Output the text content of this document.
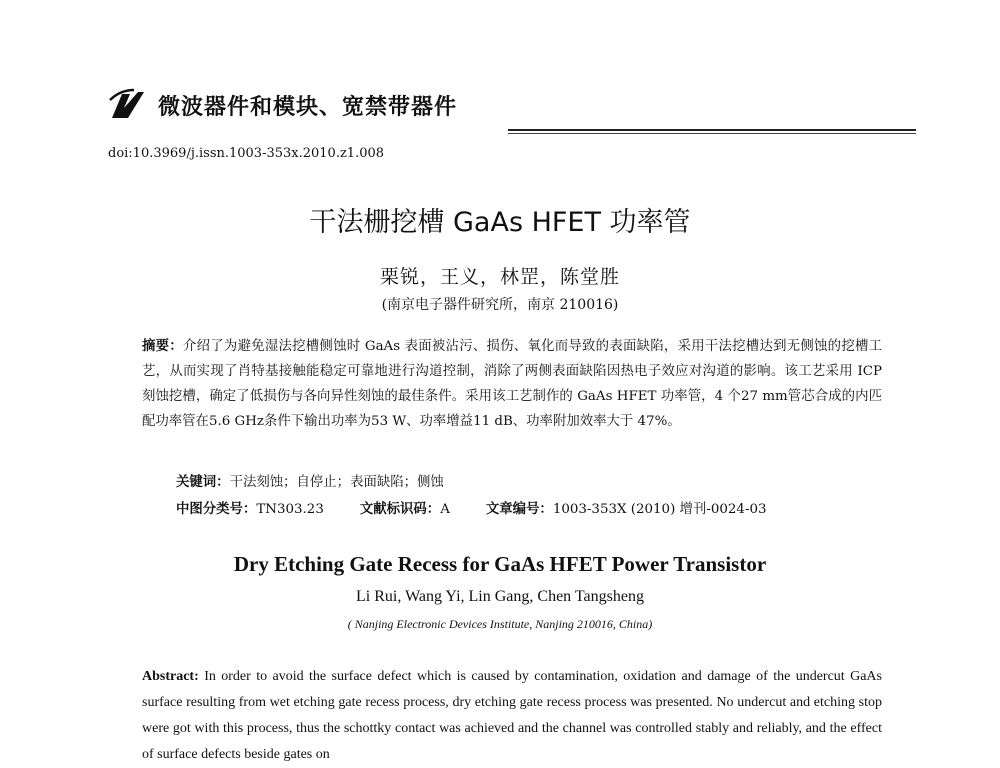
微波器件和模块、宽禁带器件
doi:10.3969/j.issn.1003-353x.2010.z1.008
干法栅挖槽 GaAs HFET 功率管
栗锐，王义，林罡，陈堂胜
(南京电子器件研究所，南京 210016)
摘要：介绍了为避免湿法挖槽侧蚀时 GaAs 表面被沾污、损伤、氧化而导致的表面缺陷，采用干法挖槽达到无侧蚀的挖槽工艺，从而实现了肖特基接触能稳定可靠地进行沟道控制，消除了两侧表面缺陷因热电子效应对沟道的影响。该工艺采用 ICP 刻蚀挖槽，确定了低损伤与各向异性刻蚀的最佳条件。采用该工艺制作的 GaAs HFET 功率管，4 个27 mm管芯合成的内匹配功率管在5.6 GHz条件下输出功率为53 W、功率增益11 dB、功率附加效率大于 47%。
关键词：干法刻蚀；自停止；表面缺陷；侧蚀
中图分类号：TN303.23	文献标识码：A	文章编号：1003-353X (2010) 增刊-0024-03
Dry Etching Gate Recess for GaAs HFET Power Transistor
Li Rui, Wang Yi, Lin Gang, Chen Tangsheng
( Nanjing Electronic Devices Institute, Nanjing 210016, China)
Abstract: In order to avoid the surface defect which is caused by contamination, oxidation and damage of the undercut GaAs surface resulting from wet etching gate recess process, dry etching gate recess process was presented. No undercut and etching stop were got with this process, thus the schottky contact was achieved and the channel was controlled stably and reliably, and the effect of surface defects beside gates on
